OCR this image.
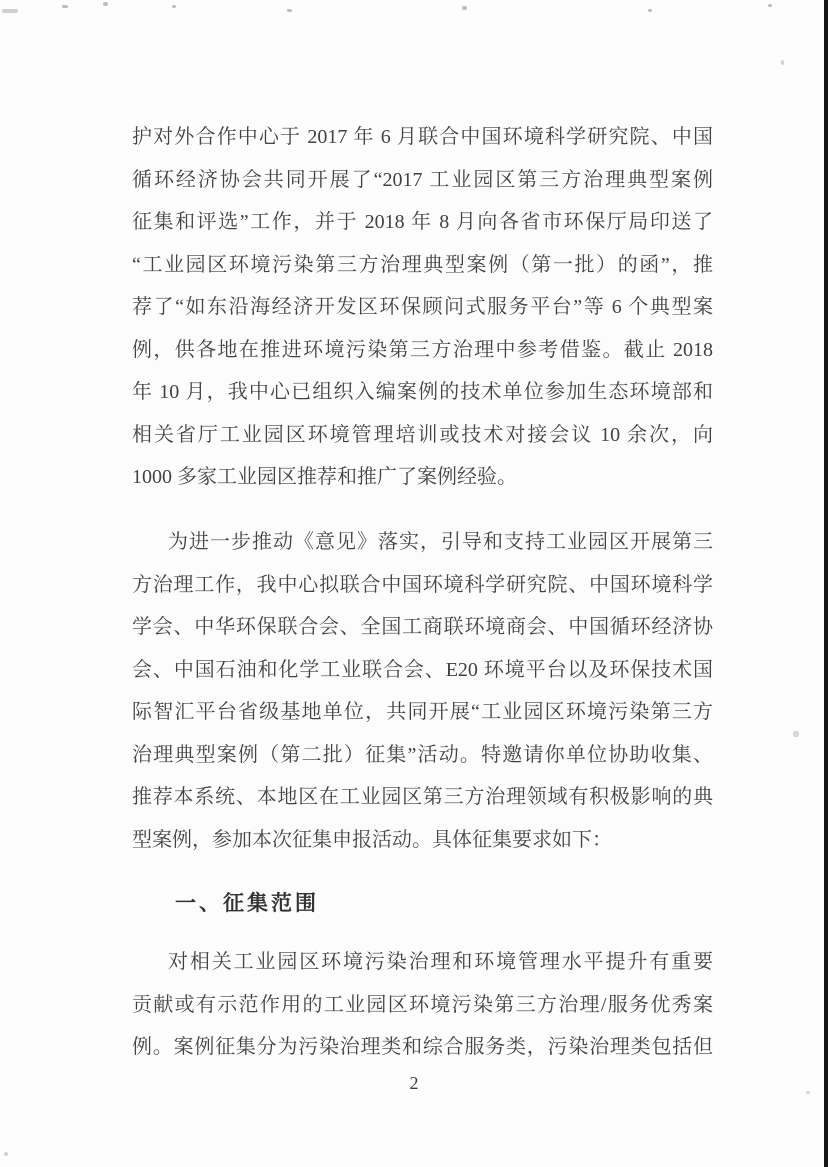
护对外合作中心于 2017 年 6 月联合中国环境科学研究院、中国
循环经济协会共同开展了“2017 工业园区第三方治理典型案例
征集和评选”工作，并于 2018 年 8 月向各省市环保厅局印送了
“工业园区环境污染第三方治理典型案例（第一批）的函”，推
荐了“如东沿海经济开发区环保顾问式服务平台”等 6 个典型案
例，供各地在推进环境污染第三方治理中参考借鉴。截止 2018
年 10 月，我中心已组织入编案例的技术单位参加生态环境部和
相关省厅工业园区环境管理培训或技术对接会议 10 余次，向
1000 多家工业园区推荐和推广了案例经验。
为进一步推动《意见》落实，引导和支持工业园区开展第三
方治理工作，我中心拟联合中国环境科学研究院、中国环境科学
学会、中华环保联合会、全国工商联环境商会、中国循环经济协
会、中国石油和化学工业联合会、E20 环境平台以及环保技术国
际智汇平台省级基地单位，共同开展“工业园区环境污染第三方
治理典型案例（第二批）征集”活动。特邀请你单位协助收集、
推荐本系统、本地区在工业园区第三方治理领域有积极影响的典
型案例，参加本次征集申报活动。具体征集要求如下：
一、征集范围
对相关工业园区环境污染治理和环境管理水平提升有重要
贡献或有示范作用的工业园区环境污染第三方治理/服务优秀案
例。案例征集分为污染治理类和综合服务类，污染治理类包括但
2
